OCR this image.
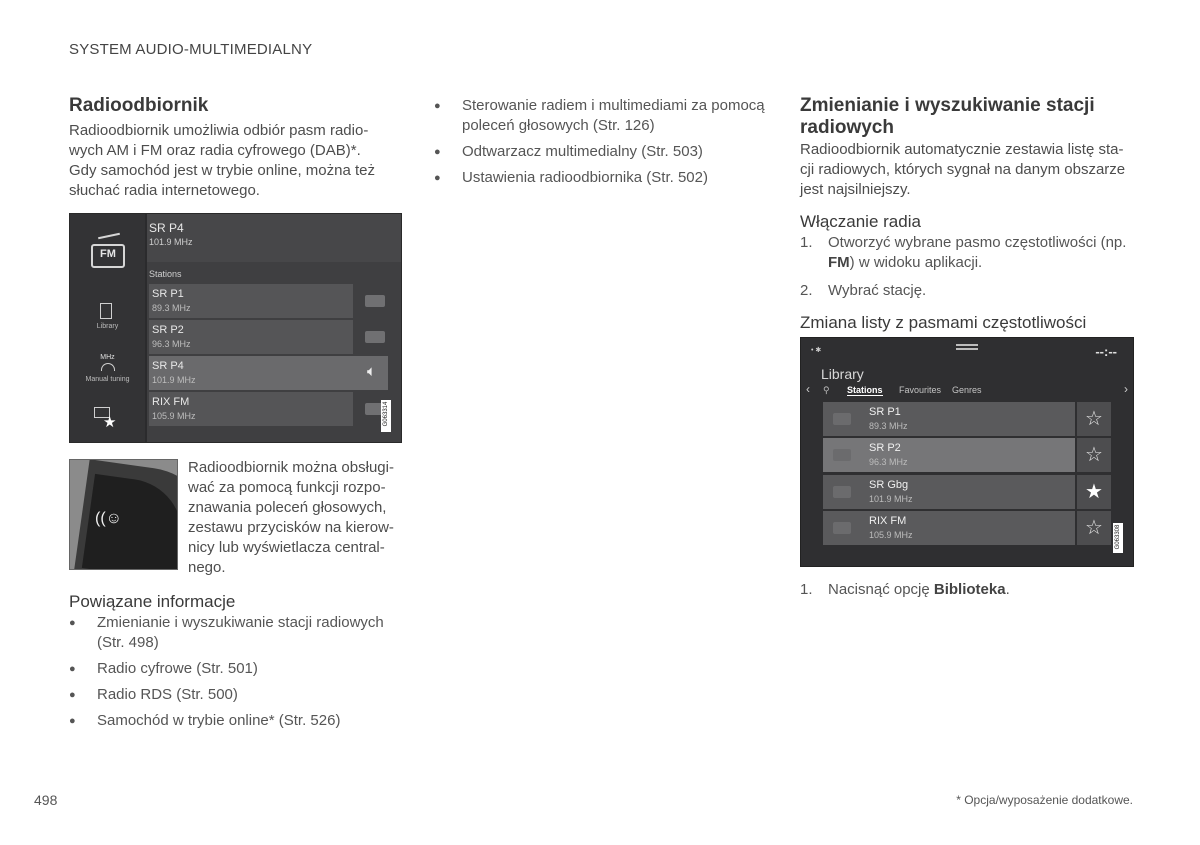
SYSTEM AUDIO-MULTIMEDIALNY
Radioodbiornik
Radioodbiornik umożliwia odbiór pasm radio-
wych AM i FM oraz radia cyfrowego (DAB)*.
Gdy samochód jest w trybie online, można też
słuchać radia internetowego.
FM
Library
MHz
Manual tuning
★
SR P4
101.9 MHz
Stations
SR P1
89.3 MHz
SR P2
96.3 MHz
SR P4
101.9 MHz	🔈︎
RIX FM
105.9 MHz	G063314
((☺
Radioodbiornik można obsługi-
wać za pomocą funkcji rozpo-
znawania poleceń głosowych,
zestawu przycisków na kierow-
nicy lub wyświetlacza central-
nego.
Powiązane informacje
● Zmienianie i wyszukiwanie stacji radiowych
(Str. 498)
● Radio cyfrowe (Str. 501)
● Radio RDS (Str. 500)
● Samochód w trybie online* (Str. 526)
● Sterowanie radiem i multimediami za pomocą
poleceń głosowych (Str. 126)
● Odtwarzacz multimedialny (Str. 503)
● Ustawienia radioodbiornika (Str. 502)
Zmienianie i wyszukiwanie stacji
radiowych
Radioodbiornik automatycznie zestawia listę sta-
cji radiowych, których sygnał na danym obszarze
jest najsilniejszy.
Włączanie radia
1. Otworzyć wybrane pasmo częstotliwości (np.
FM) w widoku aplikacji.
2. Wybrać stację.
Zmiana listy z pasmami częstotliwości
• ✱	--:--
Library
‹	›
⚲ Stations Favourites Genres
SR P1
89.3 MHz	☆
SR P2
96.3 MHz	☆
SR Gbg
101.9 MHz	★
RIX FM
105.9 MHz	☆	G063308
1. Nacisnąć opcję Biblioteka.
498	* Opcja/wyposażenie dodatkowe.
